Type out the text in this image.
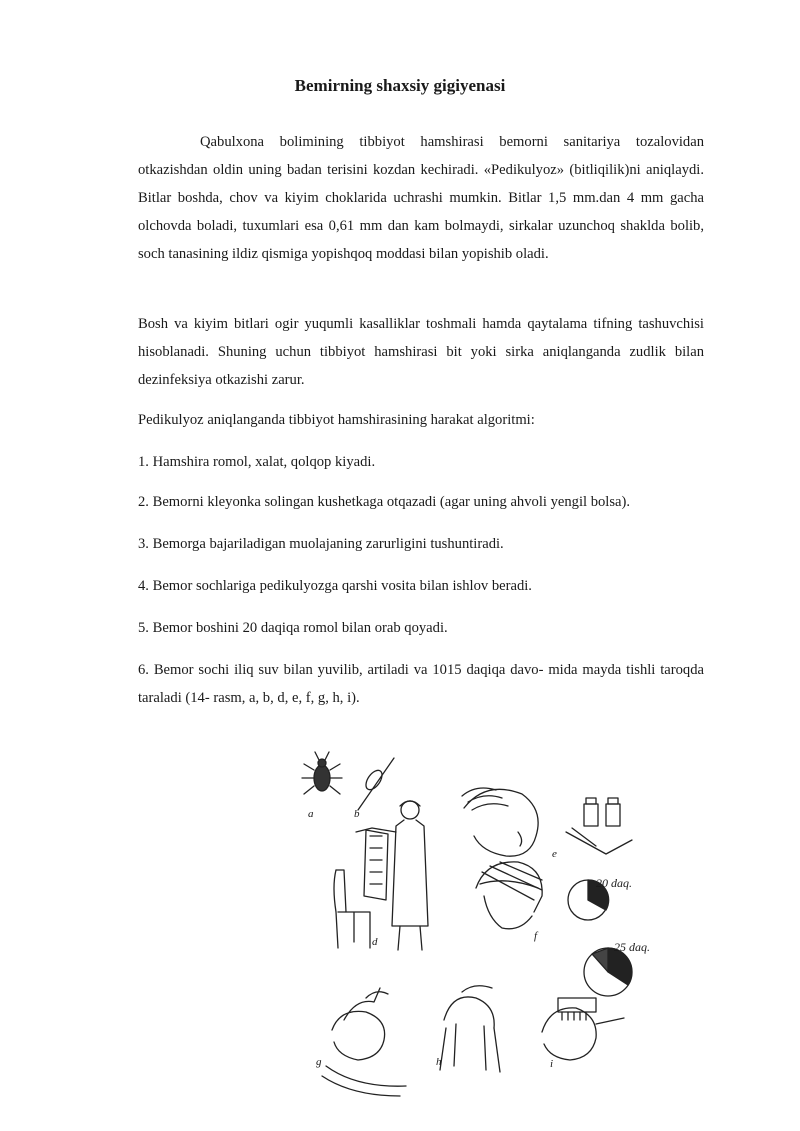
Bemirning shaxsiy gigiyenasi

Qabulxona bolimining tibbiyot hamshirasi bemorni sanitariya tozalovidan otkazishdan oldin uning badan terisini kozdan kechiradi. «Pedikulyoz» (bitliqilik)ni aniqlaydi. Bitlar boshda, chov va kiyim choklarida uchrashi mumkin. Bitlar 1,5 mm.dan 4 mm gacha olchovda boladi, tuxumlari esa 0,61 mm dan kam bolmaydi, sirkalar uzunchoq shaklda bolib, soch tanasining ildiz qismiga yopishqoq moddasi bilan yopishib oladi.

Bosh va kiyim bitlari ogir yuqumli kasalliklar toshmali hamda qaytalama tifning tashuvchisi hisoblanadi. Shuning uchun tibbiyot hamshirasi bit yoki sirka aniqlanganda zudlik bilan dezinfeksiya otkazishi zarur.

Pedikulyoz aniqlanganda tibbiyot hamshirasining harakat algoritmi:

1. Hamshira romol, xalat, qolqop kiyadi.

2. Bemorni kleyonka solingan kushetkaga otqazadi (agar uning ahvoli yengil bolsa).

3. Bemorga bajariladigan muolajaning zarurligini tushuntiradi.

4. Bemor sochlariga pedikulyozga qarshi vosita bilan ishlov beradi.

5. Bemor boshini 20 daqiqa romol bilan orab qoyadi.

6. Bemor sochi iliq suv bilan yuvilib, artiladi va 1015 daqiqa davo- mida mayda tishli taroqda taraladi (14- rasm, a, b, d, e, f, g, h, i).

a	b
d
e
f
g	h	i
20 daq.
25 daq.
